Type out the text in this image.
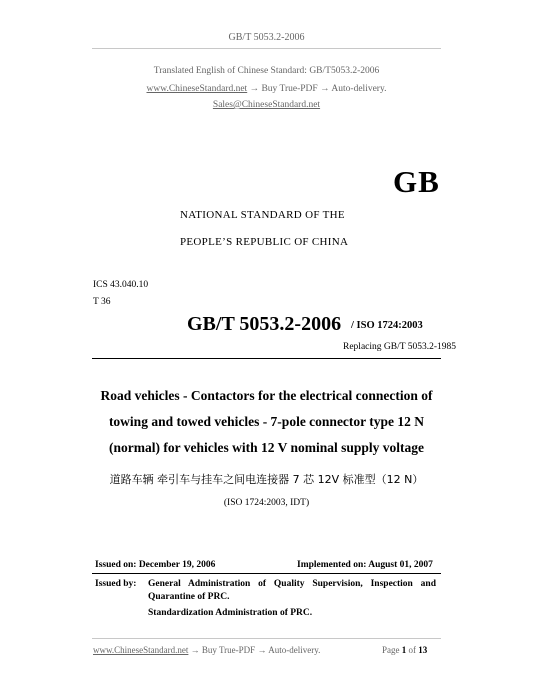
GB/T 5053.2-2006
Translated English of Chinese Standard: GB/T5053.2-2006
www.ChineseStandard.net → Buy True-PDF → Auto-delivery.
Sales@ChineseStandard.net
GB
NATIONAL STANDARD OF THE
PEOPLE’S REPUBLIC OF CHINA
ICS 43.040.10
T 36
GB/T 5053.2-2006 / ISO 1724:2003
Replacing GB/T 5053.2-1985
Road vehicles - Contactors for the electrical connection of
towing and towed vehicles - 7-pole connector type 12 N
(normal) for vehicles with 12 V nominal supply voltage
道路车辆 牵引车与挂车之间电连接器 7 芯 12V 标准型（12 N）
(ISO 1724:2003, IDT)
Issued on: December 19, 2006	Implemented on: August 01, 2007
Issued by: General Administration of Quality Supervision, Inspection and
Quarantine of PRC.
Standardization Administration of PRC.
www.ChineseStandard.net → Buy True-PDF → Auto-delivery.	Page 1 of 13
